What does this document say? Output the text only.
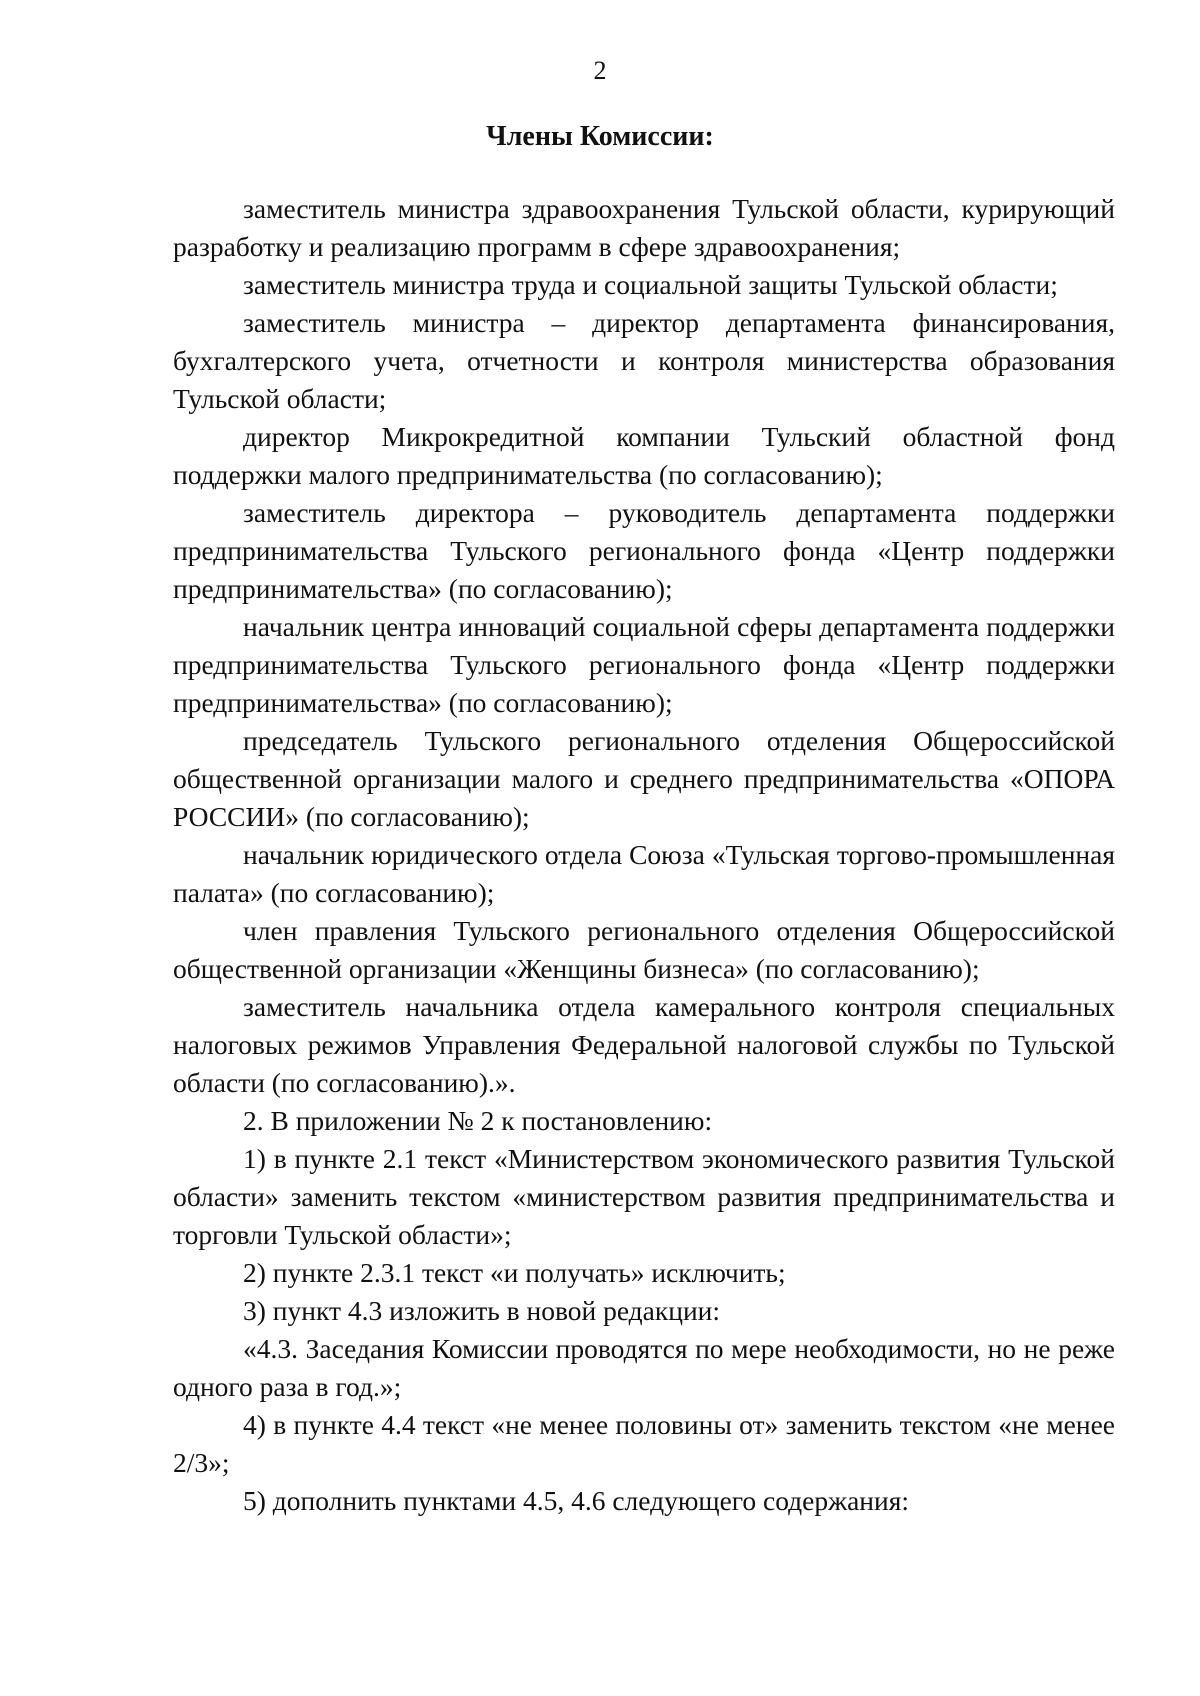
2
Члены Комиссии:

заместитель министра здравоохранения Тульской области, курирующий разработку и реализацию программ в сфере здравоохранения;

заместитель министра труда и социальной защиты Тульской области;

заместитель министра – директор департамента финансирования, бухгалтерского учета, отчетности и контроля министерства образования Тульской области;

директор Микрокредитной компании Тульский областной фонд поддержки малого предпринимательства (по согласованию);

заместитель директора – руководитель департамента поддержки предпринимательства Тульского регионального фонда «Центр поддержки предпринимательства» (по согласованию);

начальник центра инноваций социальной сферы департамента поддержки предпринимательства Тульского регионального фонда «Центр поддержки предпринимательства» (по согласованию);

председатель Тульского регионального отделения Общероссийской общественной организации малого и среднего предпринимательства «ОПОРА РОССИИ» (по согласованию);

начальник юридического отдела Союза «Тульская торгово-промышленная палата» (по согласованию);

член правления Тульского регионального отделения Общероссийской общественной организации «Женщины бизнеса» (по согласованию);

заместитель начальника отдела камерального контроля специальных налоговых режимов Управления Федеральной налоговой службы по Тульской области (по согласованию).».

2. В приложении № 2 к постановлению:

1) в пункте 2.1 текст «Министерством экономического развития Тульской области» заменить текстом «министерством развития предпринимательства и торговли Тульской области»;

2) пункте 2.3.1 текст «и получать» исключить;

3) пункт 4.3 изложить в новой редакции:

«4.3. Заседания Комиссии проводятся по мере необходимости, но не реже одного раза в год.»;

4) в пункте 4.4 текст «не менее половины от» заменить текстом «не менее 2/3»;

5) дополнить пунктами 4.5, 4.6 следующего содержания:
